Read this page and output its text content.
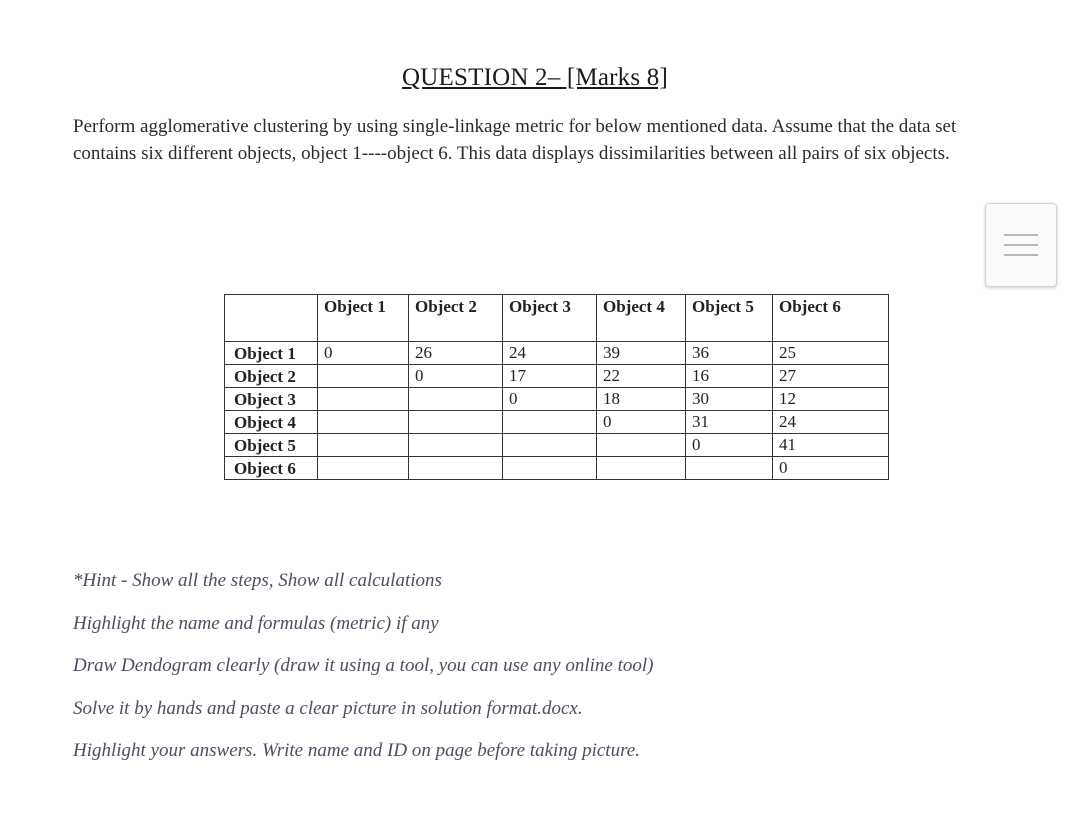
QUESTION 2– [Marks 8]
Perform agglomerative clustering by using single-linkage metric for below mentioned data. Assume that the data set contains six different objects, object 1----object 6. This data displays dissimilarities between all pairs of six objects.
	Object 1	Object 2	Object 3	Object 4	Object 5	Object 6
Object 1	0	26	24	39	36	25
Object 2		0	17	22	16	27
Object 3			0	18	30	12
Object 4				0	31	24
Object 5					0	41
Object 6						0

*Hint - Show all the steps, Show all calculations

Highlight the name and formulas (metric) if any

Draw Dendogram clearly (draw it using a tool, you can use any online tool)

Solve it by hands and paste a clear picture in solution format.docx.

Highlight your answers. Write name and ID on page before taking picture.
